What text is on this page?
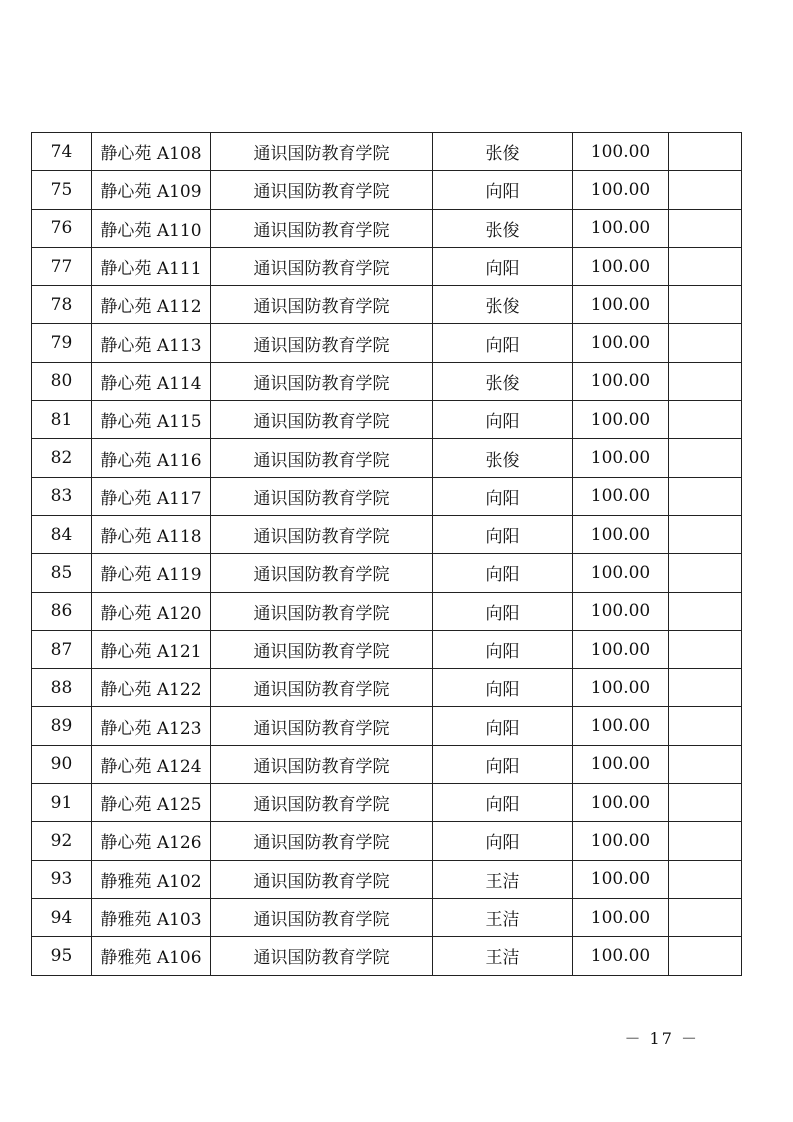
74	静心苑 A108	通识国防教育学院	张俊	100.00	
75	静心苑 A109	通识国防教育学院	向阳	100.00	
76	静心苑 A110	通识国防教育学院	张俊	100.00	
77	静心苑 A111	通识国防教育学院	向阳	100.00	
78	静心苑 A112	通识国防教育学院	张俊	100.00	
79	静心苑 A113	通识国防教育学院	向阳	100.00	
80	静心苑 A114	通识国防教育学院	张俊	100.00	
81	静心苑 A115	通识国防教育学院	向阳	100.00	
82	静心苑 A116	通识国防教育学院	张俊	100.00	
83	静心苑 A117	通识国防教育学院	向阳	100.00	
84	静心苑 A118	通识国防教育学院	向阳	100.00	
85	静心苑 A119	通识国防教育学院	向阳	100.00	
86	静心苑 A120	通识国防教育学院	向阳	100.00	
87	静心苑 A121	通识国防教育学院	向阳	100.00	
88	静心苑 A122	通识国防教育学院	向阳	100.00	
89	静心苑 A123	通识国防教育学院	向阳	100.00	
90	静心苑 A124	通识国防教育学院	向阳	100.00	
91	静心苑 A125	通识国防教育学院	向阳	100.00	
92	静心苑 A126	通识国防教育学院	向阳	100.00	
93	静雅苑 A102	通识国防教育学院	王洁	100.00	
94	静雅苑 A103	通识国防教育学院	王洁	100.00	
95	静雅苑 A106	通识国防教育学院	王洁	100.00	
－ 17 －
